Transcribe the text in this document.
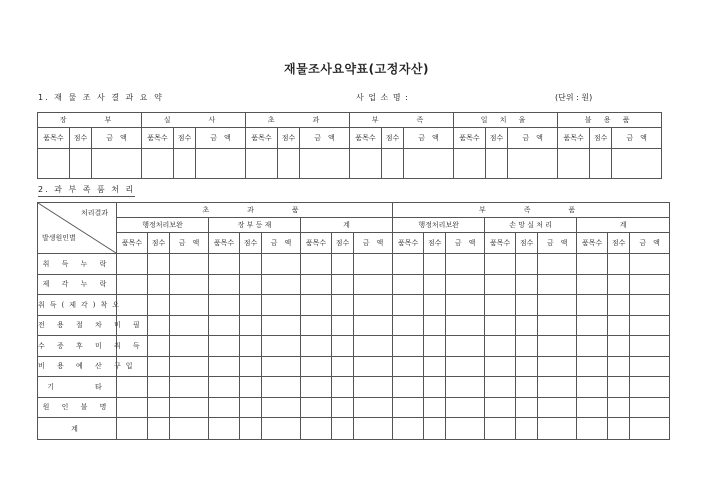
재물조사요약표(고정자산)
1. 재 물 조 사 결 과 요 약	사 업 소 명 :	(단위 : 원)
장　　부			실　　사			초　　과			부　　족			일 치 율			불 용 품		
품목수	점수	금　액	품목수	점수	금　액	품목수	점수	금　액	품목수	점수	금　액	품목수	점수	금　액	품목수	점수	금　액

2. 과 부 족 품 처 리
처리결과
발생원인별	초　　과　　품									부　　족　　품								
	행정처리보완			장 부 등 재			계			행정처리보완			손 망 실 처 리			계		
	품목수	점수	금　액	품목수	점수	금　액	품목수	점수	금　액	품목수	점수	금　액	품목수	점수	금　액	품목수	점수	금　액
취 득 누 락																		
제 각 누 락																		
취득(제각)착오																		
전 용 절 차 미 필																		
수 증 후 미 취 득																		
비 용 예 산 구입																		
기　　　타																		
원 인 불 명																		
계																		
